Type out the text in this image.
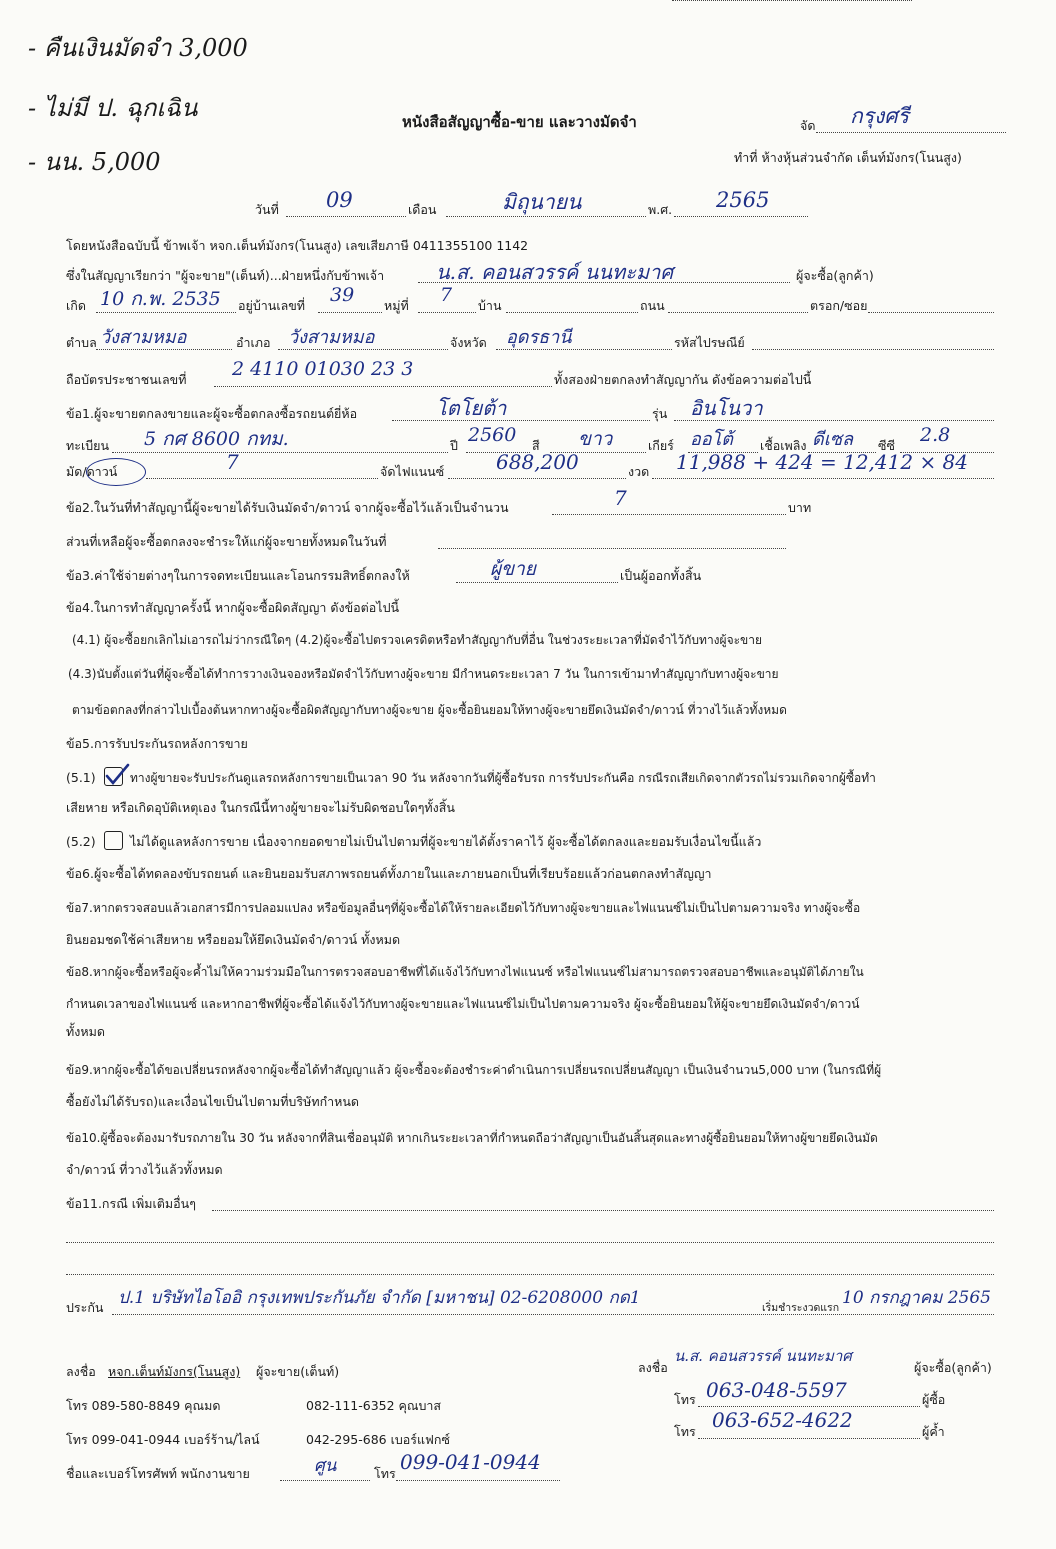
- คืนเงินมัดจำ 3,000
- ไม่มี ป. ฉุกเฉิน
- นน. 5,000
หนังสือสัญญาซื้อ-ขาย และวางมัดจำ	จัด กรุงศรี
ทำที่ ห้างหุ้นส่วนจำกัด เต็นท์มังกร(โนนสูง)
วันที่ 09	เดือน	มิถุนายน	พ.ศ. 2565
โดยหนังสือฉบับนี้ ข้าพเจ้า หจก.เต็นท์มังกร(โนนสูง) เลขเสียภาษี 0411355100 1142
ซึ่งในสัญญาเรียกว่า "ผู้จะขาย"(เต็นท์)...ฝ่ายหนึ่งกับข้าพเจ้า	น.ส. คอนสวรรค์ นนทะมาศ	ผู้จะซื้อ(ลูกค้า)
เกิด 10 ก.พ. 2535 อยู่บ้านเลขที่ 39 หมู่ที่ 7 บ้าน	ถนน	ตรอก/ซอย
ตำบล วังสามหมอ	อำเภอ วังสามหมอ	จังหวัด อุดรธานี	รหัสไปรษณีย์
ถือบัตรประชาชนเลขที่ 2 4110 01030 23 3	ทั้งสองฝ่ายตกลงทำสัญญากัน ดังข้อความต่อไปนี้
ข้อ1.ผู้จะขายตกลงขายและผู้จะซื้อตกลงซื้อรถยนต์ยี่ห้อ	โตโยต้า	รุ่น อินโนวา
ทะเบียน 5 กศ 8600 กทม.	ปี 2560 สี ขาว	เกียร์ ออโต้ เชื้อเพลิง ดีเซล ซีซี 2.8
มัด/ดาวน์	7	จัดไฟแนนซ์	688,200	งวด 11,988 + 424 = 12,412 × 84
ข้อ2.ในวันที่ทำสัญญานี้ผู้จะขายได้รับเงินมัดจำ/ดาวน์ จากผู้จะซื้อไว้แล้วเป็นจำนวน	7	บาท
ส่วนที่เหลือผู้จะซื้อตกลงจะชำระให้แก่ผู้จะขายทั้งหมดในวันที่
ข้อ3.ค่าใช้จ่ายต่างๆในการจดทะเบียนและโอนกรรมสิทธิ์ตกลงให้	ผู้ขาย	เป็นผู้ออกทั้งสิ้น
ข้อ4.ในการทำสัญญาครั้งนี้ หากผู้จะซื้อผิดสัญญา ดังข้อต่อไปนี้
(4.1) ผู้จะซื้อยกเลิกไม่เอารถไม่ว่ากรณีใดๆ (4.2)ผู้จะซื้อไปตรวจเครดิตหรือทำสัญญากับที่อื่น ในช่วงระยะเวลาที่มัดจำไว้กับทางผู้จะขาย
(4.3)นับตั้งแต่วันที่ผู้จะซื้อได้ทำการวางเงินจองหรือมัดจำไว้กับทางผู้จะขาย มีกำหนดระยะเวลา 7 วัน ในการเข้ามาทำสัญญากับทางผู้จะขาย
ตามข้อตกลงที่กล่าวไปเบื้องต้นหากทางผู้จะซื้อผิดสัญญากับทางผู้จะขาย ผู้จะซื้อยินยอมให้ทางผู้จะขายยึดเงินมัดจำ/ดาวน์ ที่วางไว้แล้วทั้งหมด
ข้อ5.การรับประกันรถหลังการขาย
(5.1)	ทางผู้ขายจะรับประกันดูแลรถหลังการขายเป็นเวลา 90 วัน หลังจากวันที่ผู้ซื้อรับรถ การรับประกันคือ กรณีรถเสียเกิดจากตัวรถไม่รวมเกิดจากผู้ซื้อทำ
เสียหาย หรือเกิดอุบัติเหตุเอง ในกรณีนี้ทางผู้ขายจะไม่รับผิดชอบใดๆทั้งสิ้น
(5.2)	ไม่ได้ดูแลหลังการขาย เนื่องจากยอดขายไม่เป็นไปตามที่ผู้จะขายได้ตั้งราคาไว้ ผู้จะซื้อได้ตกลงและยอมรับเงื่อนไขนี้แล้ว
ข้อ6.ผู้จะซื้อได้ทดลองขับรถยนต์ และยินยอมรับสภาพรถยนต์ทั้งภายในและภายนอกเป็นที่เรียบร้อยแล้วก่อนตกลงทำสัญญา
ข้อ7.หากตรวจสอบแล้วเอกสารมีการปลอมแปลง หรือข้อมูลอื่นๆที่ผู้จะซื้อได้ให้รายละเอียดไว้กับทางผู้จะขายและไฟแนนซ์ไม่เป็นไปตามความจริง ทางผู้จะซื้อ
ยินยอมชดใช้ค่าเสียหาย หรือยอมให้ยึดเงินมัดจำ/ดาวน์ ทั้งหมด
ข้อ8.หากผู้จะซื้อหรือผู้จะค้ำไม่ให้ความร่วมมือในการตรวจสอบอาชีพที่ได้แจ้งไว้กับทางไฟแนนซ์ หรือไฟแนนซ์ไม่สามารถตรวจสอบอาชีพและอนุมัติได้ภายใน
กำหนดเวลาของไฟแนนซ์ และหากอาชีพที่ผู้จะซื้อได้แจ้งไว้กับทางผู้จะขายและไฟแนนซ์ไม่เป็นไปตามความจริง ผู้จะซื้อยินยอมให้ผู้จะขายยึดเงินมัดจำ/ดาวน์
ทั้งหมด
ข้อ9.หากผู้จะซื้อได้ขอเปลี่ยนรถหลังจากผู้จะซื้อได้ทำสัญญาแล้ว ผู้จะซื้อจะต้องชำระค่าดำเนินการเปลี่ยนรถเปลี่ยนสัญญา เป็นเงินจำนวน5,000 บาท (ในกรณีที่ผู้
ซื้อยังไม่ได้รับรถ)และเงื่อนไขเป็นไปตามที่บริษัทกำหนด
ข้อ10.ผู้ซื้อจะต้องมารับรถภายใน 30 วัน หลังจากที่สินเชื่ออนุมัติ หากเกินระยะเวลาที่กำหนดถือว่าสัญญาเป็นอันสิ้นสุดและทางผู้ซื้อยินยอมให้ทางผู้ขายยึดเงินมัด
จำ/ดาวน์ ที่วางไว้แล้วทั้งหมด
ข้อ11.กรณี เพิ่มเติมอื่นๆ
ประกัน ป.1 บริษัทไอโออิ กรุงเทพประกันภัย จำกัด [มหาชน] 02-6208000 กด1	เริ่มชำระงวดแรก 10 กรกฎาคม 2565
ลงชื่อ หจก.เต็นท์มังกร(โนนสูง) ผู้จะขาย(เต็นท์)
โทร 089-580-8849 คุณมด	082-111-6352 คุณบาส
โทร 099-041-0944 เบอร์ร้าน/ไลน์	042-295-686 เบอร์แฟกซ์
ชื่อและเบอร์โทรศัพท์ พนักงานขาย	ศูน	โทร 099-041-0944
ลงชื่อ
น.ส. คอนสวรรค์ นนทะมาศ
ผู้จะซื้อ(ลูกค้า)
โทร 063-048-5597	ผู้ซื้อ
โทร 063-652-4622	ผู้ค้ำ
